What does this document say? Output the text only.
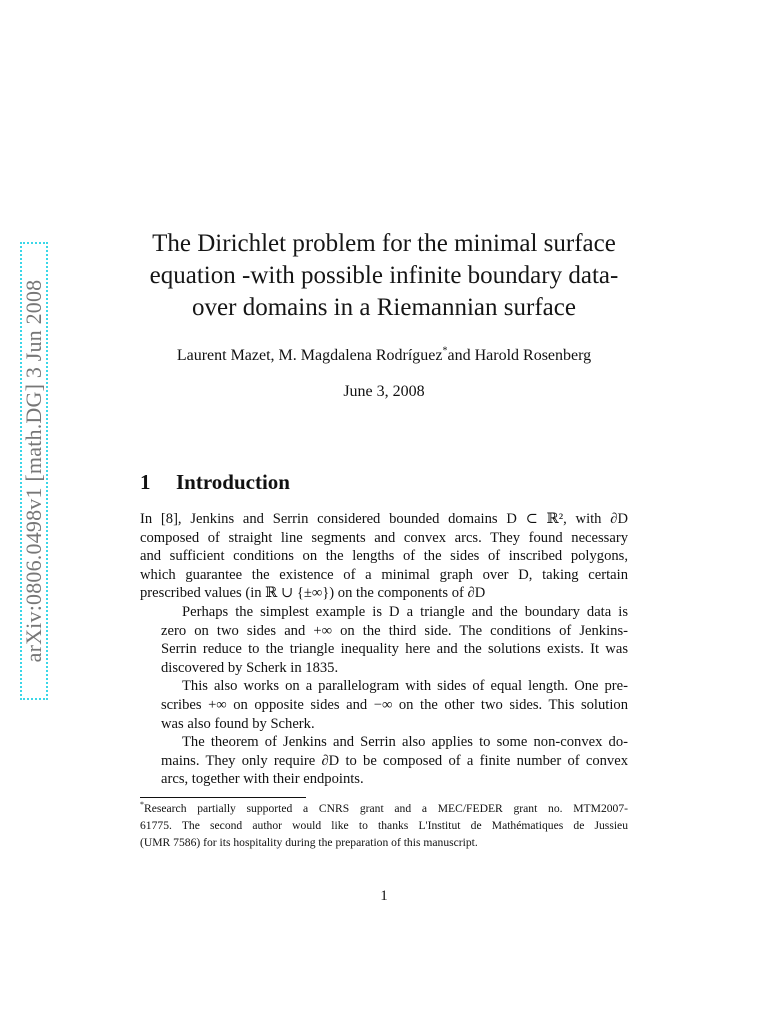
arXiv:0806.0498v1 [math.DG] 3 Jun 2008
The Dirichlet problem for the minimal surface
equation -with possible infinite boundary data-
over domains in a Riemannian surface
Laurent Mazet, M. Magdalena Rodríguez*and Harold Rosenberg
June 3, 2008
1 Introduction

In [8], Jenkins and Serrin considered bounded domains D ⊂ ℝ², with ∂D
composed of straight line segments and convex arcs. They found necessary
and sufficient conditions on the lengths of the sides of inscribed polygons,
which guarantee the existence of a minimal graph over D, taking certain
prescribed values (in ℝ ∪ {±∞}) on the components of ∂D

Perhaps the simplest example is D a triangle and the boundary data is
zero on two sides and +∞ on the third side. The conditions of Jenkins-
Serrin reduce to the triangle inequality here and the solutions exists. It was
discovered by Scherk in 1835.

This also works on a parallelogram with sides of equal length. One pre-
scribes +∞ on opposite sides and −∞ on the other two sides. This solution
was also found by Scherk.

The theorem of Jenkins and Serrin also applies to some non-convex do-
mains. They only require ∂D to be composed of a finite number of convex
arcs, together with their endpoints.

*Research partially supported a CNRS grant and a MEC/FEDER grant no. MTM2007-
61775. The second author would like to thanks L'Institut de Mathématiques de Jussieu
(UMR 7586) for its hospitality during the preparation of this manuscript.
1
